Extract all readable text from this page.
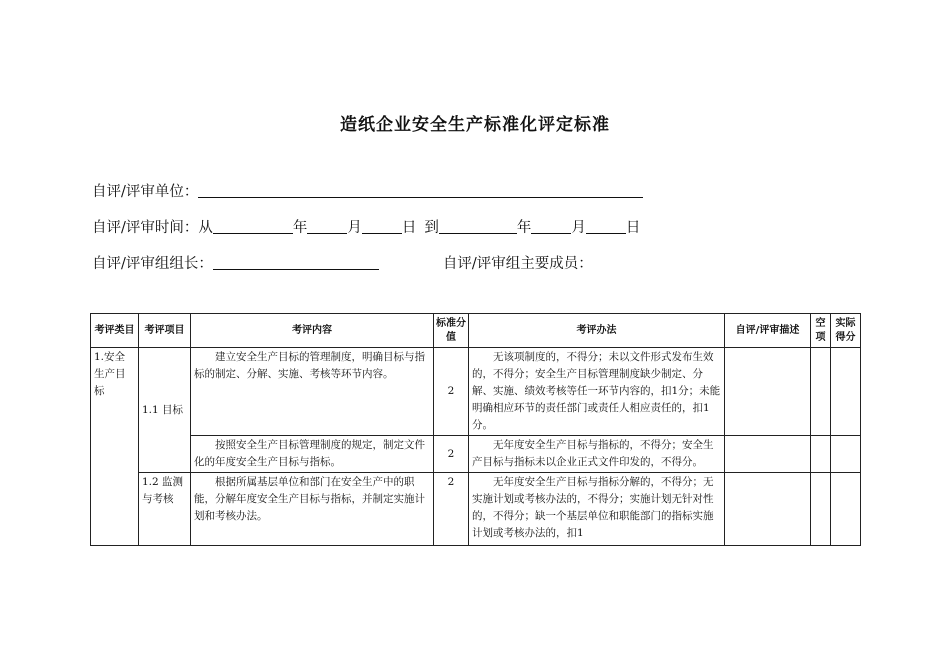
造纸企业安全生产标准化评定标准
自评/评审单位：
自评/评审时间：从	年	月	日 到	年	月	日
自评/评审组组长：	自评/评审组主要成员：
考评类目	考评项目	考评内容	标准分值	考评办法	自评/评审描述	空项	实际得分
1.安全生产目标	1.1 目标	建立安全生产目标的管理制度，明确目标与指标的制定、分解、实施、考核等环节内容。	2	无该项制度的，不得分；未以文件形式发布生效的，不得分；安全生产目标管理制度缺少制定、分解、实施、绩效考核等任一环节内容的，扣1分；未能明确相应环节的责任部门或责任人相应责任的，扣1分。			
		按照安全生产目标管理制度的规定，制定文件化的年度安全生产目标与指标。	2	无年度安全生产目标与指标的，不得分；安全生产目标与指标未以企业正式文件印发的，不得分。			
	1.2 监测与考核	根据所属基层单位和部门在安全生产中的职能，分解年度安全生产目标与指标，并制定实施计划和考核办法。	2	无年度安全生产目标与指标分解的，不得分；无实施计划或考核办法的，不得分；实施计划无针对性的，不得分；缺一个基层单位和职能部门的指标实施计划或考核办法的，扣1			
